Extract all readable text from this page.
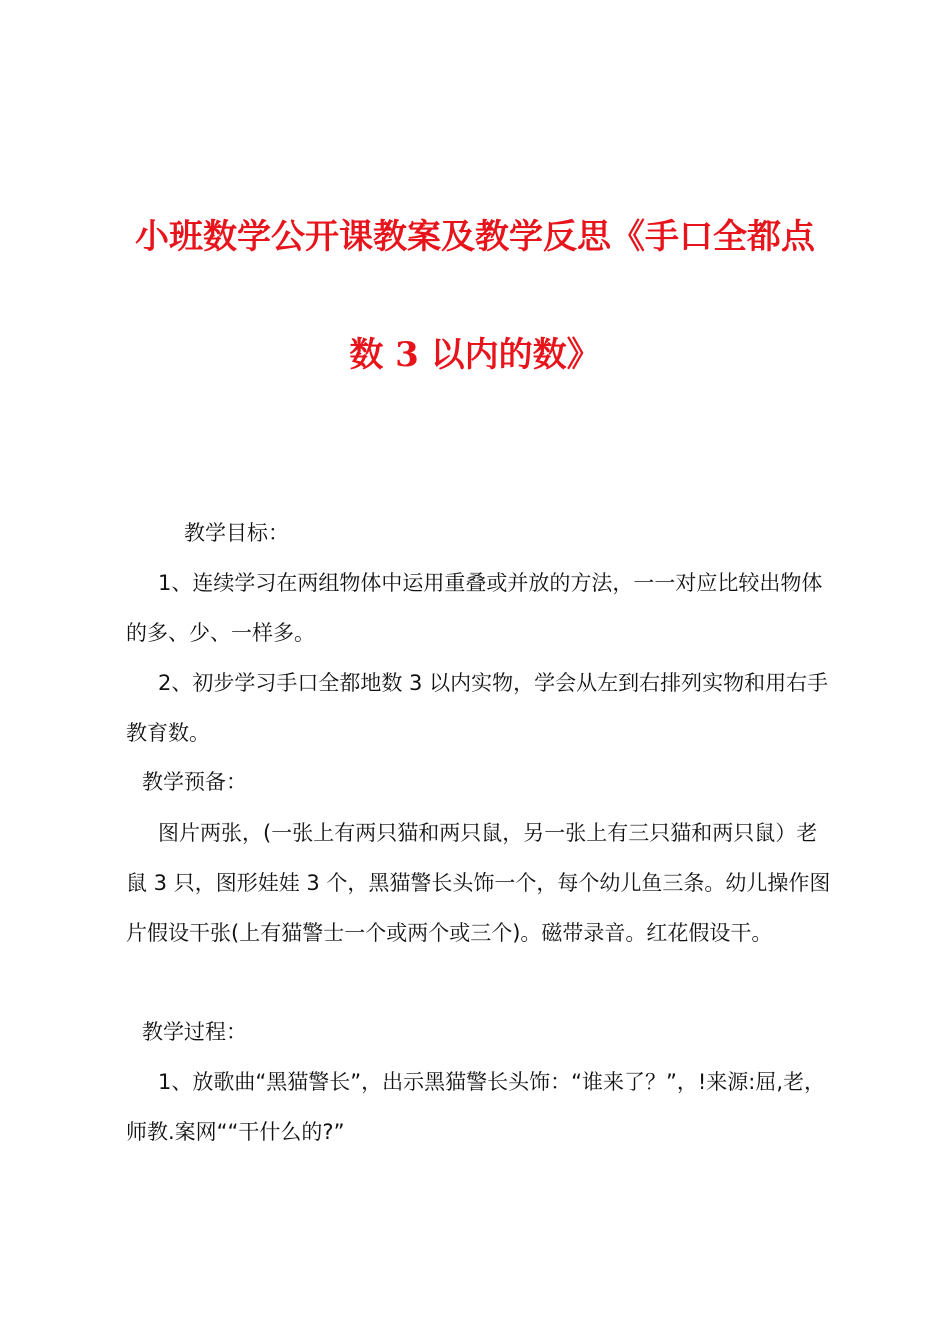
小班数学公开课教案及教学反思《手口全都点
数 3 以内的数》
教学目标：

1、连续学习在两组物体中运用重叠或并放的方法，一一对应比较出物体的多、少、一样多。

2、初步学习手口全都地数 3 以内实物，学会从左到右排列实物和用右手教育数。

教学预备：

图片两张，(一张上有两只猫和两只鼠，另一张上有三只猫和两只鼠）老鼠 3 只，图形娃娃 3 个，黑猫警长头饰一个，每个幼儿鱼三条。幼儿操作图片假设干张(上有猫警士一个或两个或三个)。磁带录音。红花假设干。

教学过程：

1、放歌曲“黑猫警长”，出示黑猫警长头饰：“谁来了？”，!来源:屈,老，师教.案网““干什么的?”
